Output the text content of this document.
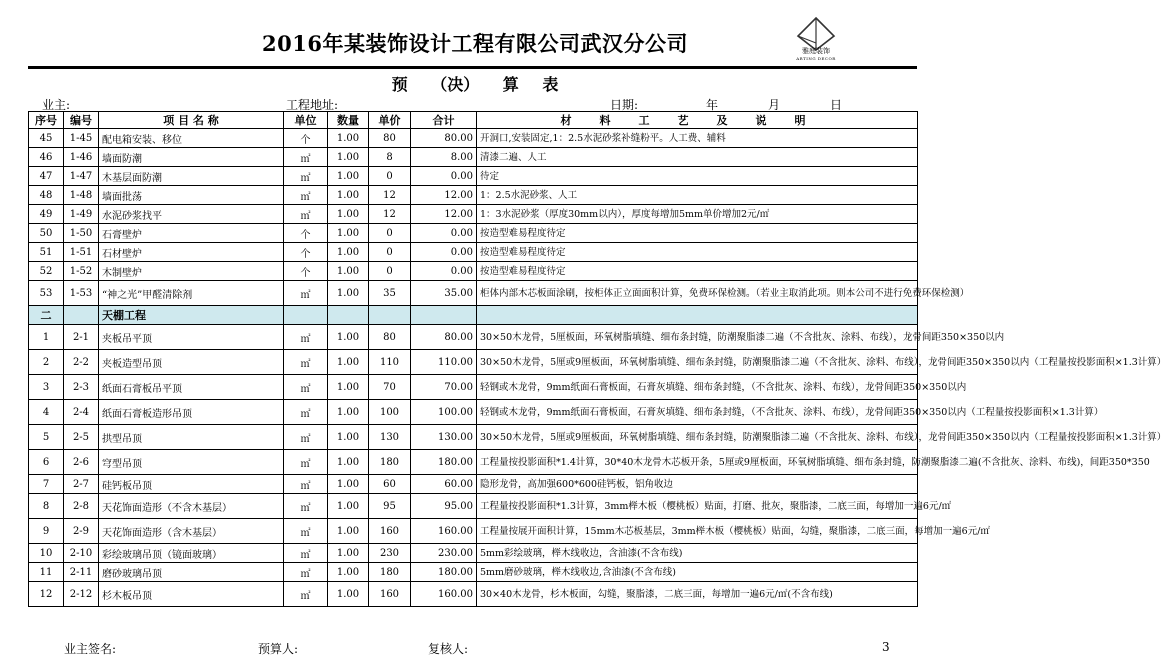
2016年某装饰设计工程有限公司武汉分公司	雅庭装饰
ARTING DECOR
预 （决） 算 表
业主:	工程地址:	日期:	年	月	日
序号	编号	项 目 名 称	单位	数量	单价	合计	材料工艺及说明
45	1-45	配电箱安装、移位	个	1.00	80	80.00	开洞口,安装固定,1：2.5水泥砂浆补缝粉平。人工费、辅料
46	1-46	墙面防潮	㎡	1.00	8	8.00	清漆二遍、人工
47	1-47	木基层面防潮	㎡	1.00	0	0.00	待定
48	1-48	墙面批荡	㎡	1.00	12	12.00	1：2.5水泥砂浆、人工
49	1-49	水泥砂浆找平	㎡	1.00	12	12.00	1：3水泥砂浆（厚度30mm以内），厚度每增加5mm单价增加2元/㎡
50	1-50	石膏壁炉	个	1.00	0	0.00	按造型难易程度待定
51	1-51	石材壁炉	个	1.00	0	0.00	按造型难易程度待定
52	1-52	木制壁炉	个	1.00	0	0.00	按造型难易程度待定
53	1-53	“神之光”甲醛清除剂	㎡	1.00	35	35.00	柜体内部木芯板面涂刷，按柜体正立面面积计算，免费环保检测。（若业主取消此项。则本公司不进行免费环保检测）
二		天棚工程					
1	2-1	夹板吊平顶	㎡	1.00	80	80.00	30×50木龙骨，5厘板面，环氧树脂填缝、细布条封缝，防潮聚脂漆二遍（不含批灰、涂料、布线），龙骨间距350×350以内
2	2-2	夹板造型吊顶	㎡	1.00	110	110.00	30×50木龙骨，5厘或9厘板面，环氧树脂填缝、细布条封缝，防潮聚脂漆二遍（不含批灰、涂料、布线），龙骨间距350×350以内（工程量按投影面积×1.3计算）
3	2-3	纸面石膏板吊平顶	㎡	1.00	70	70.00	轻钢或木龙骨，9mm纸面石膏板面，石膏灰填缝、细布条封缝，（不含批灰、涂料、布线），龙骨间距350×350以内
4	2-4	纸面石膏板造形吊顶	㎡	1.00	100	100.00	轻钢或木龙骨，9mm纸面石膏板面，石膏灰填缝、细布条封缝，（不含批灰、涂料、布线），龙骨间距350×350以内（工程量按投影面积×1.3计算）
5	2-5	拱型吊顶	㎡	1.00	130	130.00	30×50木龙骨，5厘或9厘板面，环氧树脂填缝、细布条封缝，防潮聚脂漆二遍（不含批灰、涂料、布线），龙骨间距350×350以内（工程量按投影面积×1.3计算）
6	2-6	穹型吊顶	㎡	1.00	180	180.00	工程量按投影面积*1.4计算，30*40木龙骨木芯板开条，5厘或9厘板面，环氧树脂填缝、细布条封缝，防潮聚脂漆二遍(不含批灰、涂料、布线)，间距350*350
7	2-7	硅钙板吊顶	㎡	1.00	60	60.00	隐形龙骨，高加强600*600硅钙板，铝角收边
8	2-8	天花饰面造形（不含木基层）	㎡	1.00	95	95.00	工程量按投影面积*1.3计算，3mm榉木板（樱桃板）贴面，打磨、批灰，聚脂漆，二底三面，每增加一遍6元/㎡
9	2-9	天花饰面造形（含木基层）	㎡	1.00	160	160.00	工程量按展开面积计算，15mm木芯板基层，3mm榉木板（樱桃板）贴面，勾缝，聚脂漆，二底三面，每增加一遍6元/㎡
10	2-10	彩绘玻璃吊顶（镜面玻璃）	㎡	1.00	230	230.00	5mm彩绘玻璃，榉木线收边，含油漆(不含布线)
11	2-11	磨砂玻璃吊顶	㎡	1.00	180	180.00	5mm磨砂玻璃，榉木线收边,含油漆(不含布线)
12	2-12	杉木板吊顶	㎡	1.00	160	160.00	30×40木龙骨，杉木板面，勾缝，聚脂漆，二底三面，每增加一遍6元/㎡(不含布线)
业主签名:	预算人:	复核人:	3
